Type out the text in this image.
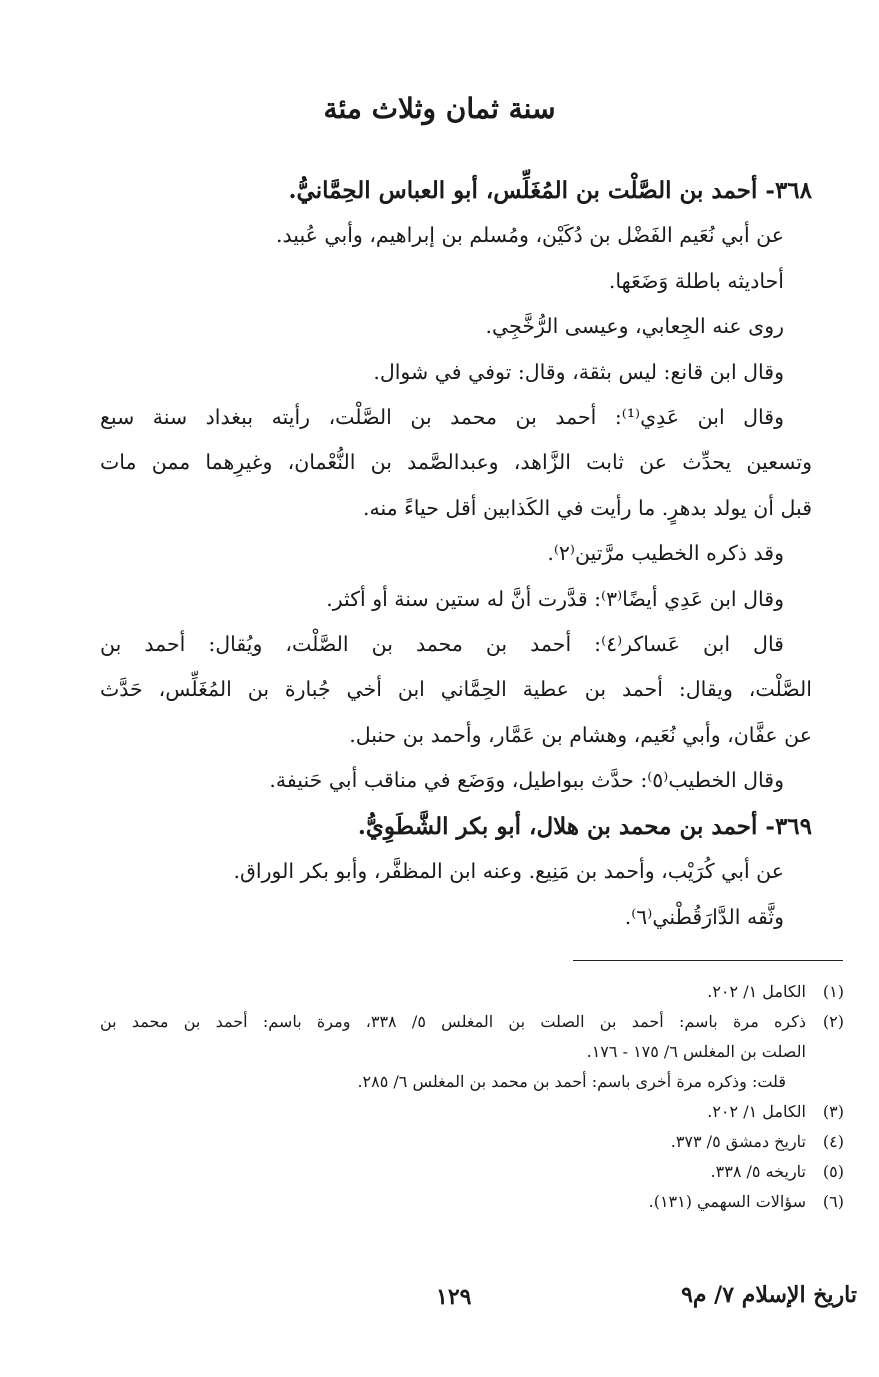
سنة ثمان وثلاث مئة

٣٦٨- أحمد بن الصَّلْت بن المُغَلِّس، أبو العباس الحِمَّانيُّ.

عن أبي نُعَيم الفَضْل بن دُكَيْن، ومُسلم بن إبراهيم، وأبي عُبيد.

أحاديثه باطلة وَضَعَها.

روى عنه الجِعابي، وعيسى الرُّخَّجِي.

وقال ابن قانع: ليس بثقة، وقال: توفي في شوال.

وقال ابن عَدِي⁽¹⁾: أحمد بن محمد بن الصَّلْت، رأيته ببغداد سنة سبع

وتسعين يحدِّث عن ثابت الزَّاهد، وعبدالصَّمد بن النُّعْمان، وغيرِهما ممن مات

قبل أن يولد بدهرٍ. ما رأيت في الكَذابين أقل حياءً منه.

وقد ذكره الخطيب مرَّتين⁽٢⁾.

وقال ابن عَدِي أيضًا⁽٣⁾: قدَّرت أنَّ له ستين سنة أو أكثر.

قال ابن عَساكر⁽٤⁾: أحمد بن محمد بن الصَّلْت، ويُقال: أحمد بن

الصَّلْت، ويقال: أحمد بن عطية الحِمَّاني ابن أخي جُبارة بن المُغَلِّس، حَدَّث

عن عفَّان، وأبي نُعَيم، وهشام بن عَمَّار، وأحمد بن حنبل.

وقال الخطيب⁽٥⁾: حدَّث ببواطيل، ووَضَع في مناقب أبي حَنيفة.

٣٦٩- أحمد بن محمد بن هلال، أبو بكر الشَّطَوِيُّ.

عن أبي كُرَيْب، وأحمد بن مَنِيع. وعنه ابن المظفَّر، وأبو بكر الوراق.

وثَّقه الدَّارَقُطْني⁽٦⁾.

(١)
الكامل ١/ ٢٠٢.
(٢)
ذكره مرة باسم: أحمد بن الصلت بن المغلس ٥/ ٣٣٨، ومرة باسم: أحمد بن محمد بن

الصلت بن المغلس ٦/ ١٧٥ - ١٧٦.

قلت: وذكره مرة أخرى باسم: أحمد بن محمد بن المغلس ٦/ ٢٨٥.

(٣)
الكامل ١/ ٢٠٢.
(٤)
تاريخ دمشق ٥/ ٣٧٣.
(٥)
تاريخه ٥/ ٣٣٨.
(٦)
سؤالات السهمي (١٣١).
تاريخ الإسلام ٧/ م٩
١٢٩
